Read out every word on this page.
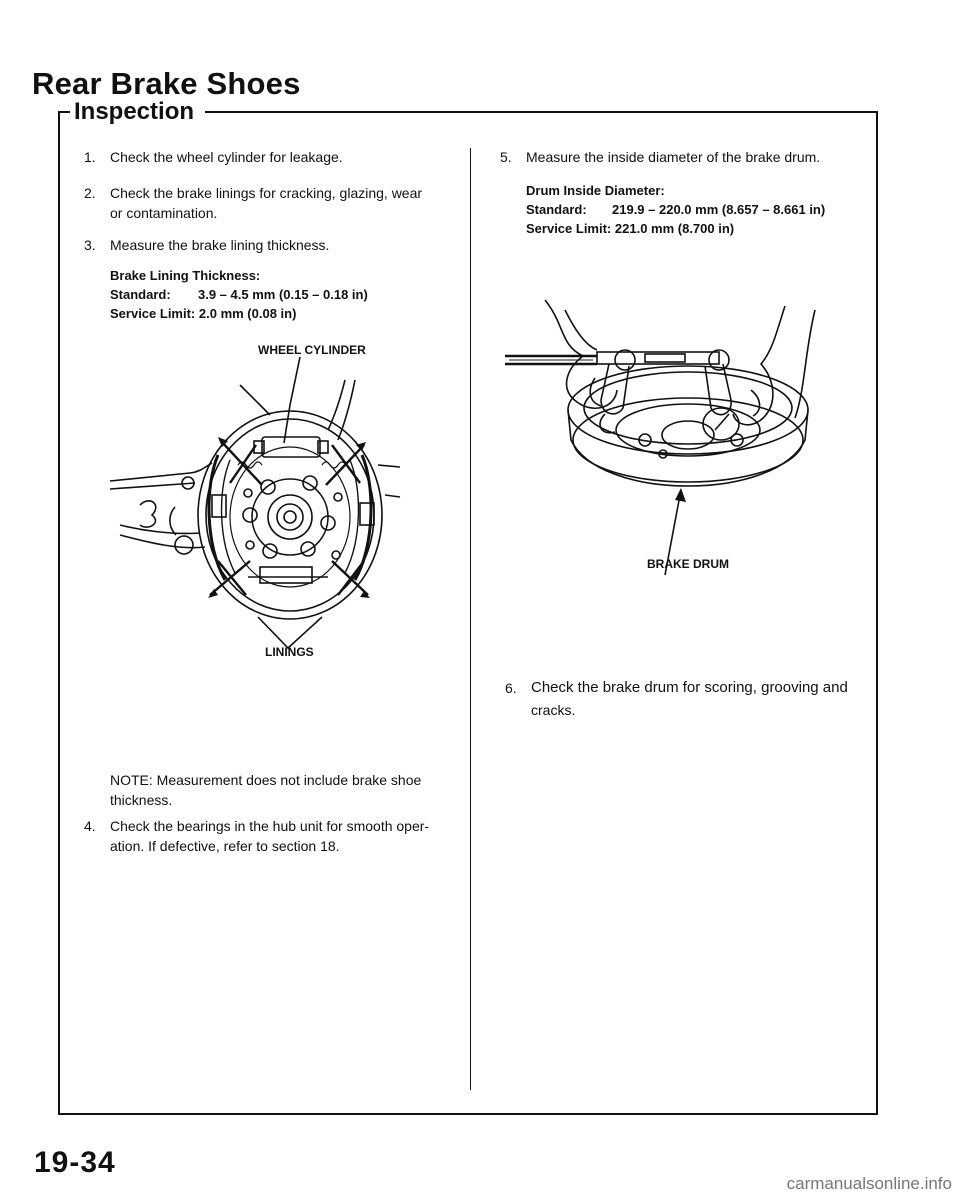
Rear Brake Shoes
Inspection
1. Check the wheel cylinder for leakage.
2. Check the brake linings for cracking, glazing, wear
or contamination.
3. Measure the brake lining thickness.
Brake Lining Thickness:
Standard: 3.9 – 4.5 mm (0.15 – 0.18 in)
Service Limit: 2.0 mm (0.08 in)
WHEEL CYLINDER
LININGS
NOTE: Measurement does not include brake shoe
thickness.
4. Check the bearings in the hub unit for smooth oper-
ation. If defective, refer to section 18.
5. Measure the inside diameter of the brake drum.
Drum Inside Diameter:
Standard: 219.9 – 220.0 mm (8.657 – 8.661 in)
Service Limit: 221.0 mm (8.700 in)
BRAKE DRUM
6. Check the brake drum for scoring, grooving and
cracks.
19-34
carmanualsonline.info
